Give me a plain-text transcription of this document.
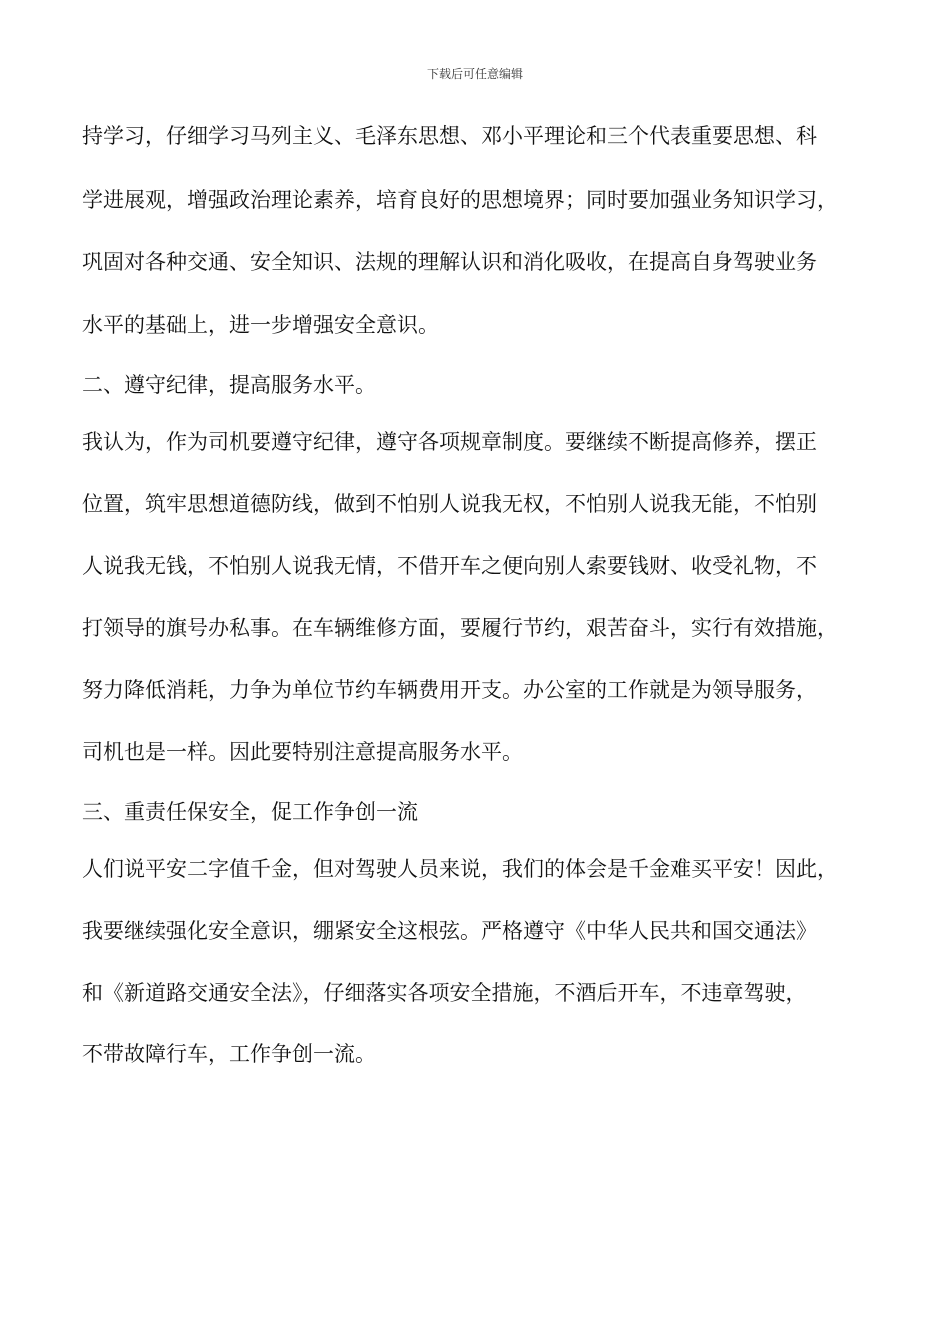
下载后可任意编辑
持学习，仔细学习马列主义、毛泽东思想、邓小平理论和三个代表重要思想、科
学进展观，增强政治理论素养，培育良好的思想境界；同时要加强业务知识学习，
巩固对各种交通、安全知识、法规的理解认识和消化吸收，在提高自身驾驶业务
水平的基础上，进一步增强安全意识。
二、遵守纪律，提高服务水平。
我认为，作为司机要遵守纪律，遵守各项规章制度。要继续不断提高修养，摆正
位置，筑牢思想道德防线，做到不怕别人说我无权，不怕别人说我无能，不怕别
人说我无钱，不怕别人说我无情，不借开车之便向别人索要钱财、收受礼物，不
打领导的旗号办私事。在车辆维修方面，要履行节约，艰苦奋斗，实行有效措施，
努力降低消耗，力争为单位节约车辆费用开支。办公室的工作就是为领导服务，
司机也是一样。因此要特别注意提高服务水平。
三、重责任保安全，促工作争创一流
人们说平安二字值千金，但对驾驶人员来说，我们的体会是千金难买平安！因此，
我要继续强化安全意识，绷紧安全这根弦。严格遵守《中华人民共和国交通法》
和《新道路交通安全法》，仔细落实各项安全措施，不酒后开车，不违章驾驶，
不带故障行车，工作争创一流。
